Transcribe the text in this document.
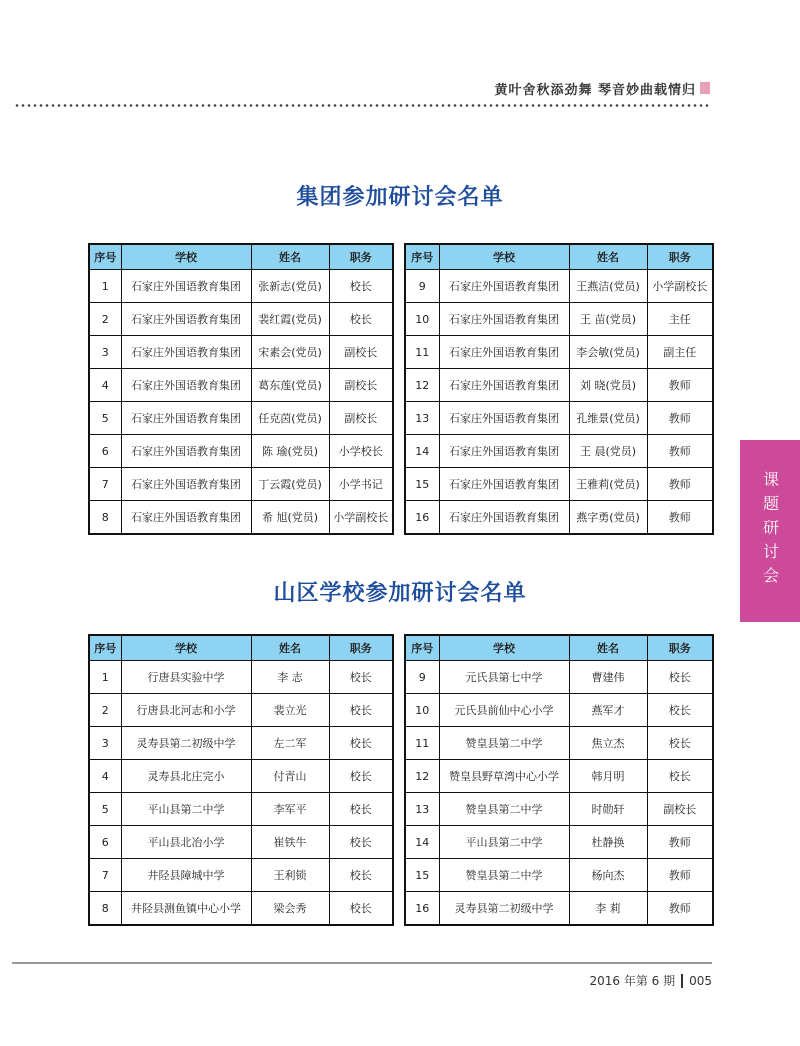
黄叶舍秋添劲舞 琴音妙曲载情归
集团参加研讨会名单
序号	学校	姓名	职务
1	石家庄外国语教育集团	张新志(党员)	校长
2	石家庄外国语教育集团	裴红霞(党员)	校长
3	石家庄外国语教育集团	宋素会(党员)	副校长
4	石家庄外国语教育集团	葛东莲(党员)	副校长
5	石家庄外国语教育集团	任克茵(党员)	副校长
6	石家庄外国语教育集团	陈 瑜(党员)	小学校长
7	石家庄外国语教育集团	丁云霞(党员)	小学书记
8	石家庄外国语教育集团	希 旭(党员)	小学副校长
序号	学校	姓名	职务
9	石家庄外国语教育集团	王燕洁(党员)	小学副校长
10	石家庄外国语教育集团	王 苗(党员)	主任
11	石家庄外国语教育集团	李会敏(党员)	副主任
12	石家庄外国语教育集团	刘 晓(党员)	教师
13	石家庄外国语教育集团	孔维景(党员)	教师
14	石家庄外国语教育集团	王 晨(党员)	教师
15	石家庄外国语教育集团	王雅莉(党员)	教师
16	石家庄外国语教育集团	燕字勇(党员)	教师
山区学校参加研讨会名单
序号	学校	姓名	职务
1	行唐县实验中学	李 志	校长
2	行唐县北河志和小学	裴立光	校长
3	灵寿县第二初级中学	左二军	校长
4	灵寿县北庄完小	付青山	校长
5	平山县第二中学	李军平	校长
6	平山县北冶小学	崔铁牛	校长
7	井陉县障城中学	王利锁	校长
8	井陉县测鱼镇中心小学	梁会秀	校长
序号	学校	姓名	职务
9	元氏县第七中学	曹建伟	校长
10	元氏县前仙中心小学	燕军才	校长
11	赞皇县第二中学	焦立杰	校长
12	赞皇县野草湾中心小学	韩月明	校长
13	赞皇县第二中学	时勋轩	副校长
14	平山县第二中学	杜静换	教师
15	赞皇县第二中学	杨向杰	教师
16	灵寿县第二初级中学	李 莉	教师
课题研讨会
2016 年第 6 期 005
